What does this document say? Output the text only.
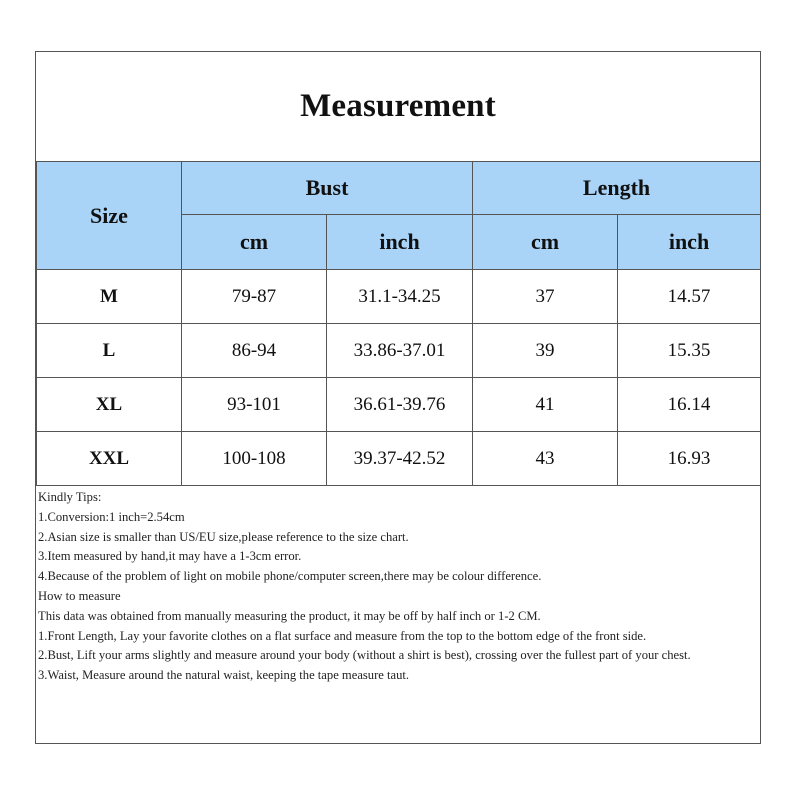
Measurement
Size	Bust		Length	
	cm	inch	cm	inch
M	79-87	31.1-34.25	37	14.57
L	86-94	33.86-37.01	39	15.35
XL	93-101	36.61-39.76	41	16.14
XXL	100-108	39.37-42.52	43	16.93
Kindly Tips:
1.Conversion:1 inch=2.54cm
2.Asian size is smaller than US/EU size,please reference to the size chart.
3.Item measured by hand,it may have a 1-3cm error.
4.Because of the problem of light on mobile phone/computer screen,there may be colour difference.
How to measure
This data was obtained from manually measuring the product, it may be off by half inch or 1-2 CM.
1.Front Length, Lay your favorite clothes on a flat surface and measure from the top to the bottom edge of the front side.
2.Bust, Lift your arms slightly and measure around your body (without a shirt is best), crossing over the fullest part of your chest.
3.Waist, Measure around the natural waist, keeping the tape measure taut.
